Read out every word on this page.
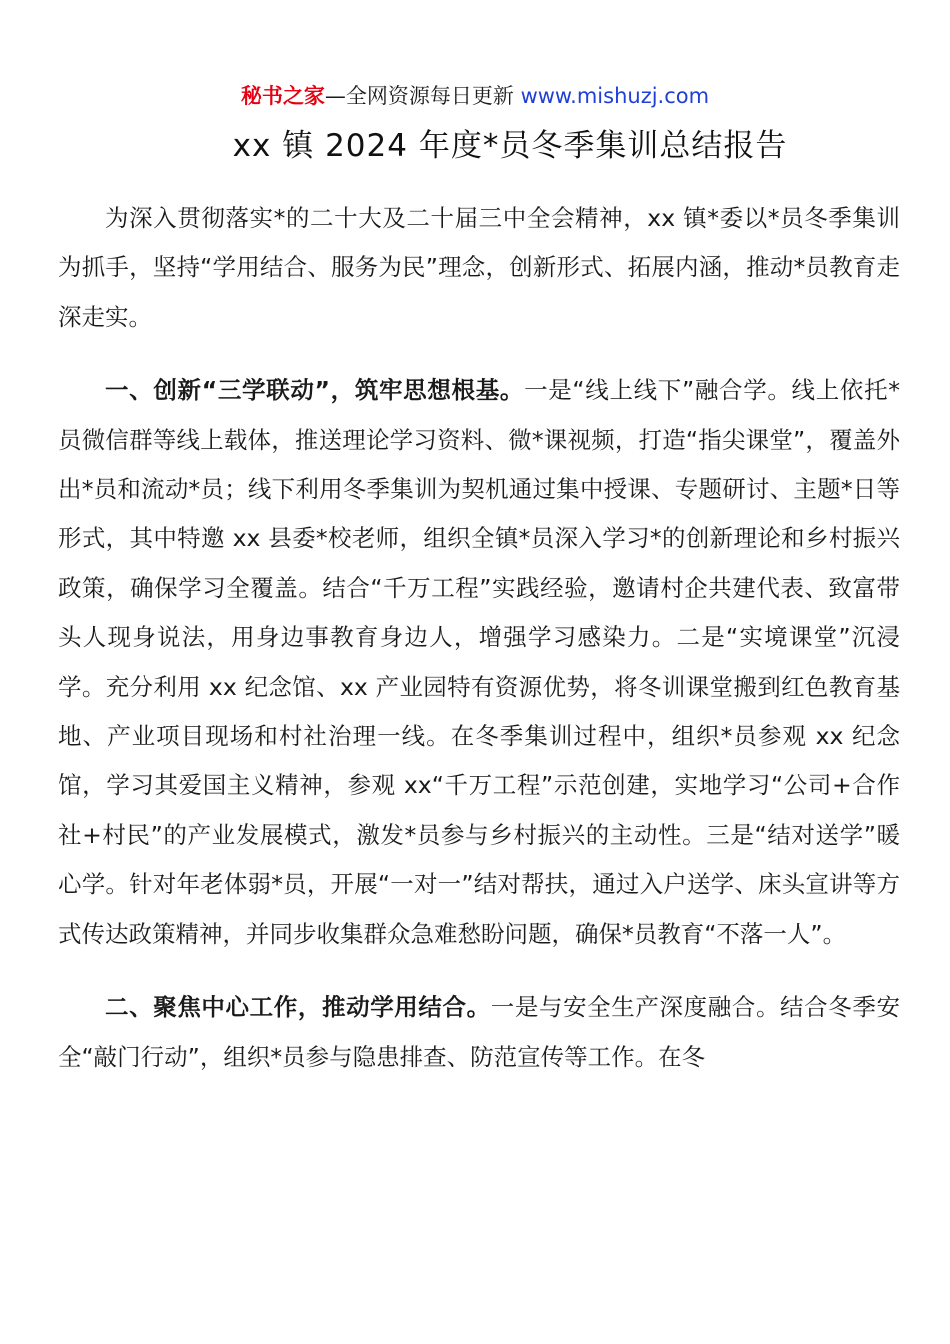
秘书之家—全网资源每日更新 www.mishuzj.com
xx 镇 2024 年度*员冬季集训总结报告

为深入贯彻落实*的二十大及二十届三中全会精神，xx 镇*委以*员冬季集训为抓手，坚持“学用结合、服务为民”理念，创新形式、拓展内涵，推动*员教育走深走实。

一、创新“三学联动”，筑牢思想根基。一是“线上线下”融合学。线上依托*员微信群等线上载体，推送理论学习资料、微*课视频，打造“指尖课堂”，覆盖外出*员和流动*员；线下利用冬季集训为契机通过集中授课、专题研讨、主题*日等形式，其中特邀 xx 县委*校老师，组织全镇*员深入学习*的创新理论和乡村振兴政策，确保学习全覆盖。结合“千万工程”实践经验，邀请村企共建代表、致富带头人现身说法，用身边事教育身边人，增强学习感染力。二是“实境课堂”沉浸学。充分利用 xx 纪念馆、xx 产业园特有资源优势，将冬训课堂搬到红色教育基地、产业项目现场和村社治理一线。在冬季集训过程中，组织*员参观 xx 纪念馆，学习其爱国主义精神，参观 xx“千万工程”示范创建，实地学习“公司+合作社+村民”的产业发展模式，激发*员参与乡村振兴的主动性。三是“结对送学”暖心学。针对年老体弱*员，开展“一对一”结对帮扶，通过入户送学、床头宣讲等方式传达政策精神，并同步收集群众急难愁盼问题，确保*员教育“不落一人”。

二、聚焦中心工作，推动学用结合。一是与安全生产深度融合。结合冬季安全“敲门行动”，组织*员参与隐患排查、防范宣传等工作。在冬
